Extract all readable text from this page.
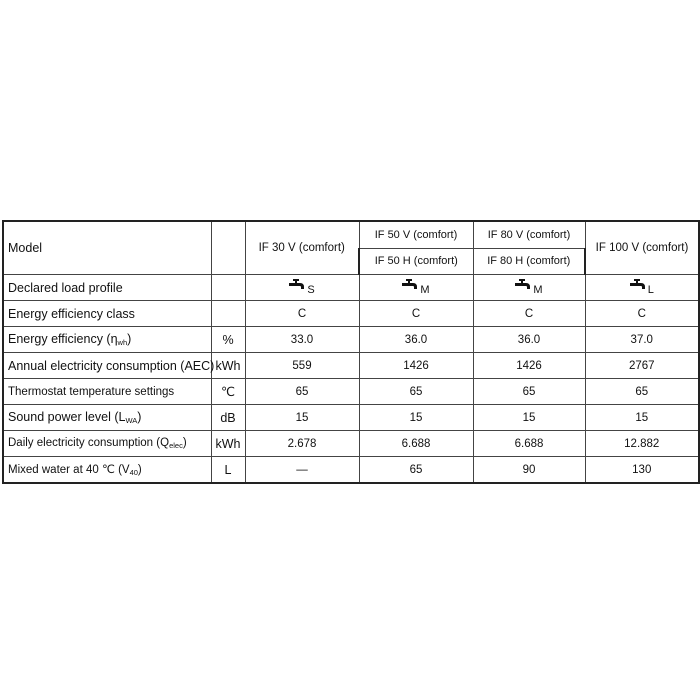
Model		IF 30 V (comfort)	IF 50 V (comfort)	IF 80 V (comfort)	IF 100 V (comfort)
			IF 50 H (comfort)	IF 80 H (comfort)	
Declared load profile		S	M	M	L
Energy efficiency class		C	C	C	C
Energy efficiency $(\eta_{wh})$	%	33.0	36.0	36.0	37.0
Annual electricity consumption (AEC)	kWh	559	1426	1426	2767
Thermostat temperature settings	℃	65	65	65	65
Sound power level $(L_{WA})$	dB	15	15	15	15
Daily electricity consumption $(Q_{elec})$	kWh	2.678	6.688	6.688	12.882
Mixed water at 40 ℃ $(V_{40})$	L	—	65	90	130
